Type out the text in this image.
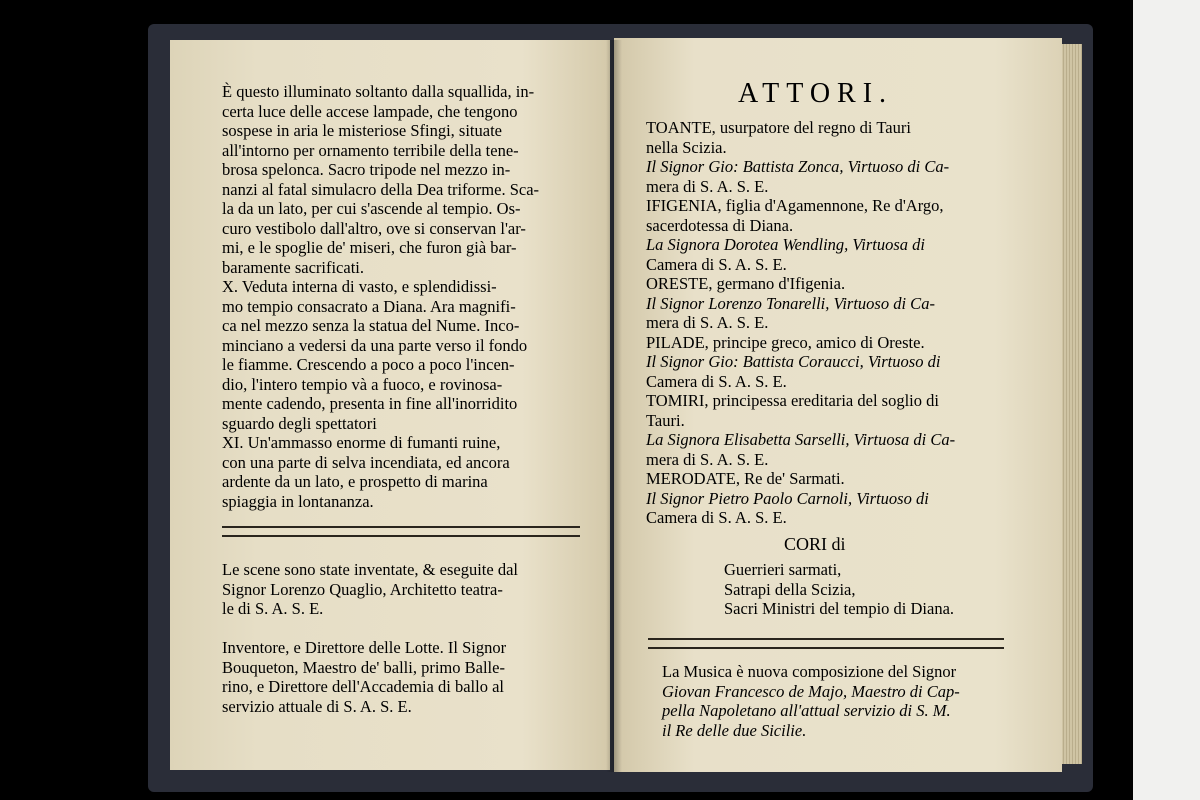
È questo illuminato soltanto dalla squallida, in-
certa luce delle accese lampade, che tengono
sospese in aria le misteriose Sfingi, situate
all'intorno per ornamento terribile della tene-
brosa spelonca. Sacro tripode nel mezzo in-
nanzi al fatal simulacro della Dea triforme. Sca-
la da un lato, per cui s'ascende al tempio. Os-
curo vestibolo dall'altro, ove si conservan l'ar-
mi, e le spoglie de' miseri, che furon già bar-
baramente sacrificati.
X. Veduta interna di vasto, e splendidissi-
mo tempio consacrato a Diana. Ara magnifi-
ca nel mezzo senza la statua del Nume. Inco-
minciano a vedersi da una parte verso il fondo
le fiamme. Crescendo a poco a poco l'incen-
dio, l'intero tempio và a fuoco, e rovinosa-
mente cadendo, presenta in fine all'inorridito
sguardo degli spettatori
XI. Un'ammasso enorme di fumanti ruine,
con una parte di selva incendiata, ed ancora
ardente da un lato, e prospetto di marina
spiaggia in lontananza.
Le scene sono state inventate, & eseguite dal
Signor Lorenzo Quaglio, Architetto teatra-
le di S. A. S. E.
Inventore, e Direttore delle Lotte. Il Signor
Bouqueton, Maestro de' balli, primo Balle-
rino, e Direttore dell'Accademia di ballo al
servizio attuale di S. A. S. E.
ATTORI.
TOANTE, usurpatore del regno di Tauri
nella Scizia.
Il Signor Gio: Battista Zonca, Virtuoso di Ca-
mera di S. A. S. E.
IFIGENIA, figlia d'Agamennone, Re d'Argo,
sacerdotessa di Diana.
La Signora Dorotea Wendling, Virtuosa di
Camera di S. A. S. E.
ORESTE, germano d'Ifigenia.
Il Signor Lorenzo Tonarelli, Virtuoso di Ca-
mera di S. A. S. E.
PILADE, principe greco, amico di Oreste.
Il Signor Gio: Battista Coraucci, Virtuoso di
Camera di S. A. S. E.
TOMIRI, principessa ereditaria del soglio di
Tauri.
La Signora Elisabetta Sarselli, Virtuosa di Ca-
mera di S. A. S. E.
MERODATE, Re de' Sarmati.
Il Signor Pietro Paolo Carnoli, Virtuoso di
Camera di S. A. S. E.
CORI di
Guerrieri sarmati,
Satrapi della Scizia,
Sacri Ministri del tempio di Diana.
La Musica è nuova composizione del Signor
Giovan Francesco de Majo, Maestro di Cap-
pella Napoletano all'attual servizio di S. M.
il Re delle due Sicilie.
0 cm
1
2
3
4
5
6
7
8
9
10
11
12
13
14
15
16
17
